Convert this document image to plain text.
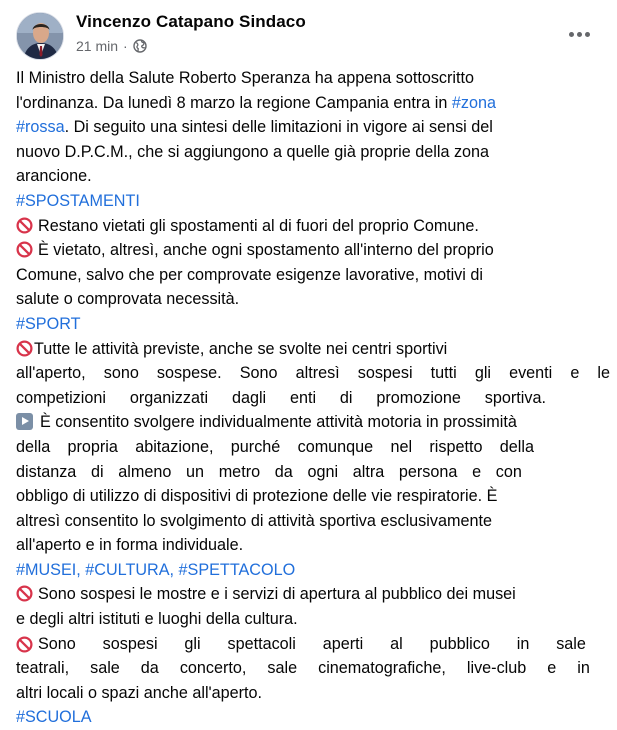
Vincenzo Catapano Sindaco
21 min ·
Il Ministro della Salute Roberto Speranza ha appena sottoscritto
l'ordinanza. Da lunedì 8 marzo la regione Campania entra in #zona
#rossa. Di seguito una sintesi delle limitazioni in vigore ai sensi del
nuovo D.P.C.M., che si aggiungono a quelle già proprie della zona
arancione.
#SPOSTAMENTI
Restano vietati gli spostamenti al di fuori del proprio Comune.
È vietato, altresì, anche ogni spostamento all'interno del proprio
Comune, salvo che per comprovate esigenze lavorative, motivi di
salute o comprovata necessità.
#SPORT
Tutte le attività previste, anche se svolte nei centri sportivi
all'aperto, sono sospese. Sono altresì sospesi tutti gli eventi e le
competizioni organizzati dagli enti di promozione sportiva.
È consentito svolgere individualmente attività motoria in prossimità
della propria abitazione, purché comunque nel rispetto della
distanza di almeno un metro da ogni altra persona e con
obbligo di utilizzo di dispositivi di protezione delle vie respiratorie. È
altresì consentito lo svolgimento di attività sportiva esclusivamente
all'aperto e in forma individuale.
#MUSEI, #CULTURA, #SPETTACOLO
Sono sospesi le mostre e i servizi di apertura al pubblico dei musei
e degli altri istituti e luoghi della cultura.
Sono sospesi gli spettacoli aperti al pubblico in sale
teatrali, sale da concerto, sale cinematografiche, live-club e in
altri locali o spazi anche all'aperto.
#SCUOLA
